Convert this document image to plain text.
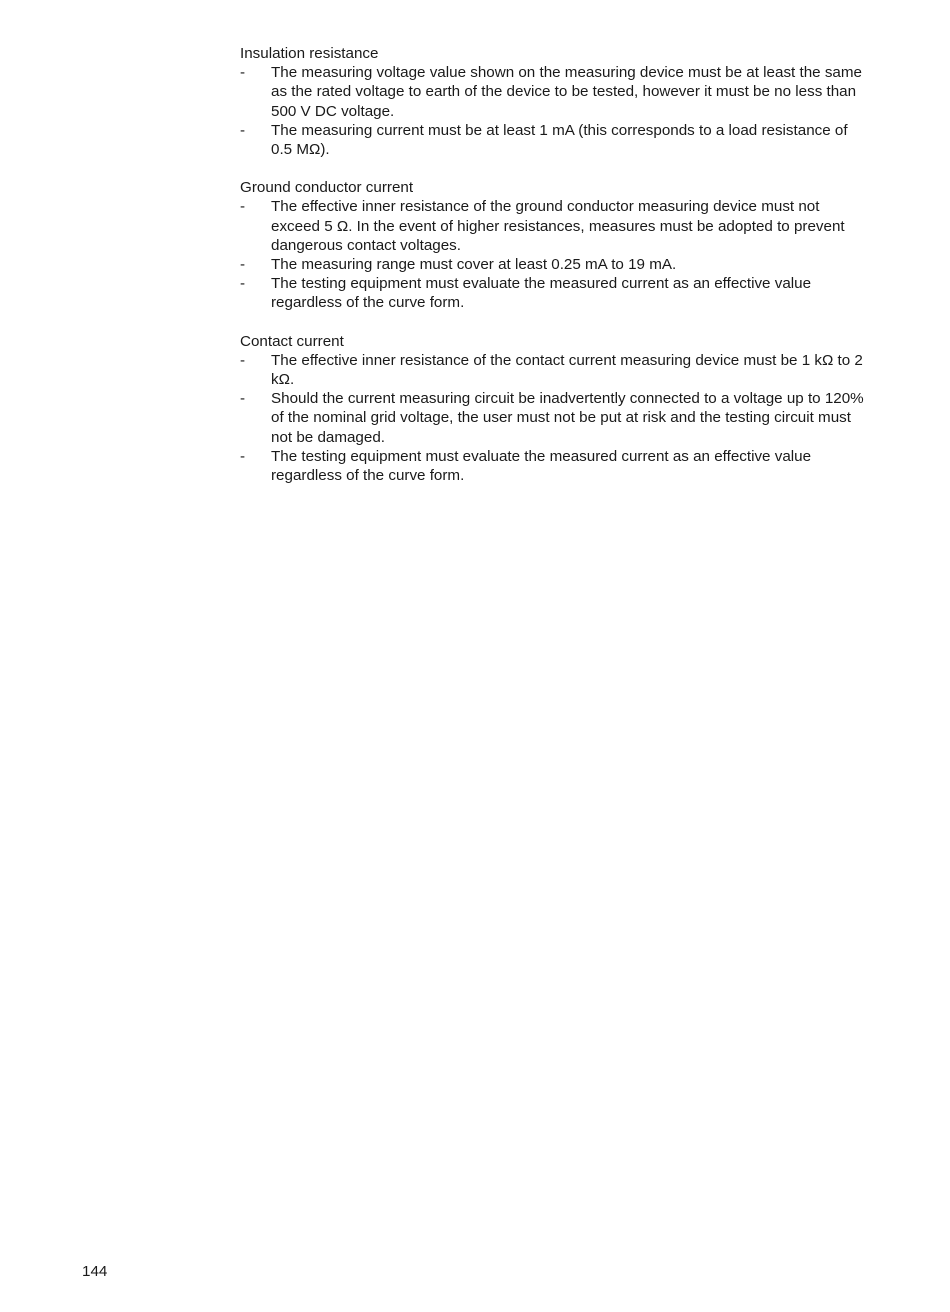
Insulation resistance
- The measuring voltage value shown on the measuring device must be at least the same as the rated voltage to earth of the device to be tested, however it must be no less than 500 V DC voltage.
- The measuring current must be at least 1 mA (this corresponds to a load resistance of 0.5 MΩ).
Ground conductor current
- The effective inner resistance of the ground conductor measuring device must not exceed 5 Ω. In the event of higher resistances, measures must be adopted to prevent dangerous contact voltages.
- The measuring range must cover at least 0.25 mA to 19 mA.
- The testing equipment must evaluate the measured current as an effective value regardless of the curve form.
Contact current
- The effective inner resistance of the contact current measuring device must be 1 kΩ to 2 kΩ.
- Should the current measuring circuit be inadvertently connected to a voltage up to 120% of the nominal grid voltage, the user must not be put at risk and the testing circuit must not be damaged.
- The testing equipment must evaluate the measured current as an effective value regardless of the curve form.
144
